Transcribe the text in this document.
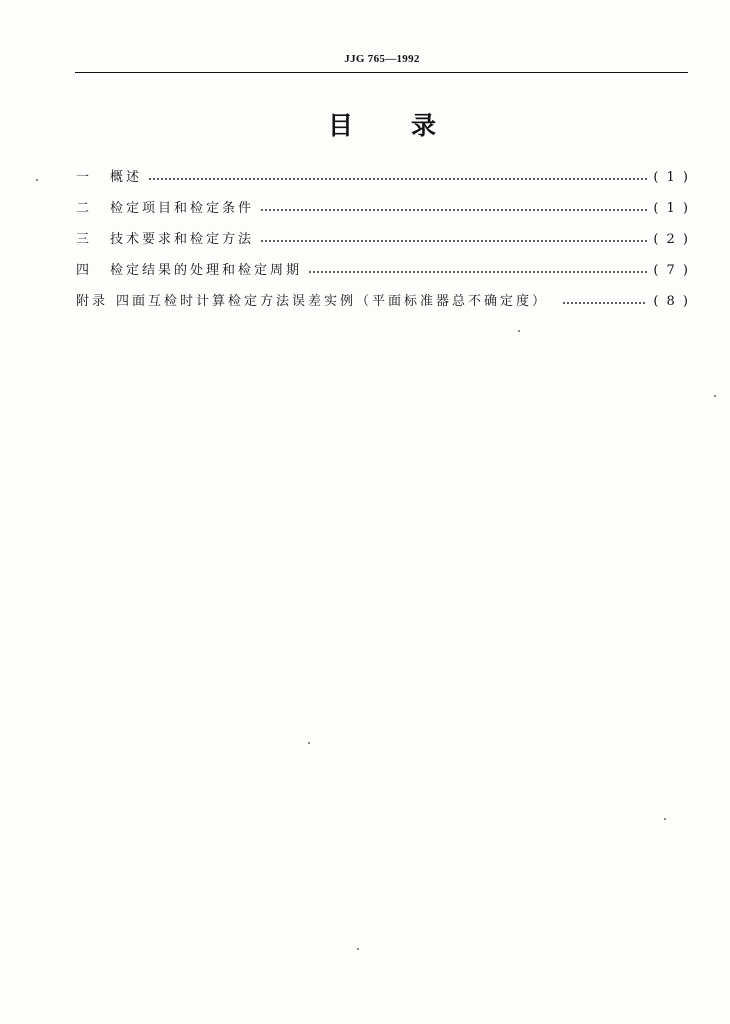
JJG 765—1992
目录
一	概述	( 1 )
二	检定项目和检定条件	( 1 )
三	技术要求和检定方法	( 2 )
四	检定结果的处理和检定周期	( 7 )
附录 四面互检时计算检定方法误差实例（平面标准器总不确定度）	( 8 )
